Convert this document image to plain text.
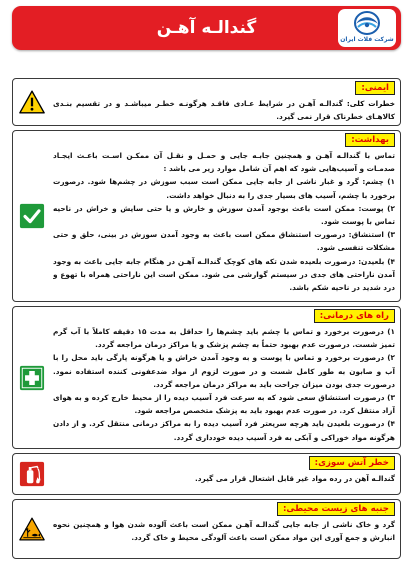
گندالـه آهـن
شرکت فلات ایران
ایمنی:

خطرات کلی: گندالـه آهـن در شرایط عـادی فاقـد هرگونـه خطـر میباشـد و در تقسیم بنـدی کالاهـای خطرناک قرار نمی گیرد.

بهداشت:

تماس با گندالـه آهـن و همچنین جابـه جایی و حمـل و نقـل آن ممکـن اسـت باعـث ایجـاد صدمـات و آسیب‌هایی شود که اهم آن شامل موارد زیر می باشد :

۱) چشم: گرد و غبار ناشی از جابه جایی ممکن است سبب سوزش در چشم‌ها شود. درصورت برخورد با چشم، آسیب های بسیار جدی را به دنبال خواهد داشت.

۲) پوست: ممکن است باعث بوجود آمدن سوزش و خارش و یا حتی سایش و خراش در ناحیه تماس با پوست شود.

۳) استنشاق: درصورت استنشاق ممکن است باعث به وجود آمدن سوزش در بینی، حلق و حتی مشکلات تنفسی شود.

۴) بلعیدن: درصورت بلعیده شدن تکه های کوچک گندالـه آهـن در هنگام جابه جایی باعث به وجود آمدن ناراحتی های جدی در سیستم گوارشی می شود. ممکن است این ناراحتی همراه با تهوع و درد شدید در ناحیه شکم باشد.

راه های درمانی:

۱) درصورت برخورد و تماس با چشم باید چشم‌ها را حداقل به مدت ۱۵ دقیقه کاملاً با آب گرم تمیز شست. درصورت عدم بهبود حتماً به چشم پزشک و یا مراکز درمان مراجعه گردد.

۲) درصورت برخورد و تماس با پوست و به وجود آمدن خراش و یا هرگونه پارگی باید محل را با آب و صابون به طور کامل شست و در صورت لزوم از مواد ضدعفونی کننده استفاده نمود. درصورت جدی بودن میزان جراحت باید به مراکز درمان مراجعه گردد.

۳) درصورت استنشاق سعی شود که به سرعت فرد آسیب دیده را از محیط خارج کرده و به هوای آزاد منتقل کرد. در صورت عدم بهبود باید به پزشک متخصص مراجعه شود.

۴) درصورت بلعیدن باید هرچه سریعتر فرد آسیب دیده را به مراکز درمانی منتقل کرد. و از دادن هرگونه مواد خوراکی و آبکی به فرد آسیب دیده خودداری گردد.

خطر آتش سوزی:

گندالـه آهن در رده مواد غیر قابل اشتعال قرار می گیرد.

جنبه های زیست محیطی:

گرد و خاک ناشی از جابه جایی گندالـه آهـن ممکن است باعث آلوده شدن هوا و همچنین نحوه انبارش و جمع آوری این مواد ممکن است باعث آلودگی محیط و خاک گردد.
